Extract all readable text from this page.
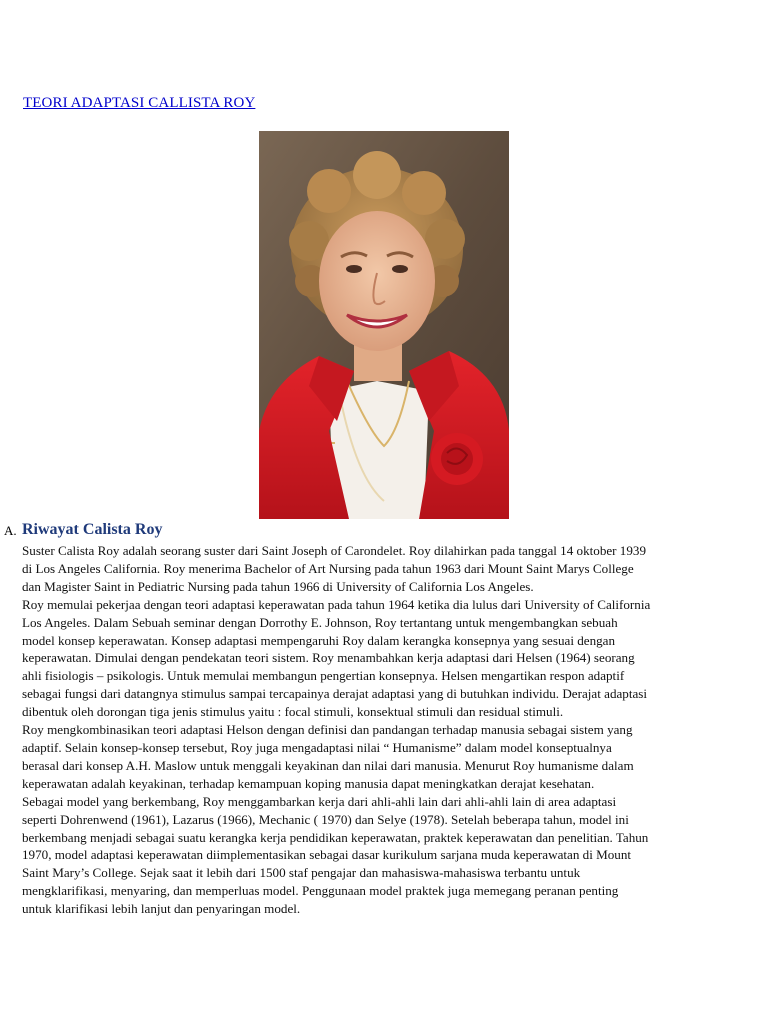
TEORI ADAPTASI CALLISTA ROY
A. Riwayat Calista Roy
Suster Calista Roy adalah seorang suster dari Saint Joseph of Carondelet. Roy dilahirkan pada tanggal 14 oktober 1939
di Los Angeles California. Roy menerima Bachelor of Art Nursing pada tahun 1963 dari Mount Saint Marys College
dan Magister Saint in Pediatric Nursing pada tahun 1966 di University of California Los Angeles.
Roy memulai pekerjaa dengan teori adaptasi keperawatan pada tahun 1964 ketika dia lulus dari University of California
Los Angeles. Dalam Sebuah seminar dengan Dorrothy E. Johnson, Roy tertantang untuk mengembangkan sebuah
model konsep keperawatan. Konsep adaptasi mempengaruhi Roy dalam kerangka konsepnya yang sesuai dengan
keperawatan. Dimulai dengan pendekatan teori sistem. Roy menambahkan kerja adaptasi dari Helsen (1964) seorang
ahli fisiologis – psikologis. Untuk memulai membangun pengertian konsepnya. Helsen mengartikan respon adaptif
sebagai fungsi dari datangnya stimulus sampai tercapainya derajat adaptasi yang di butuhkan individu. Derajat adaptasi
dibentuk oleh dorongan tiga jenis stimulus yaitu : focal stimuli, konsektual stimuli dan residual stimuli.
Roy mengkombinasikan teori adaptasi Helson dengan definisi dan pandangan terhadap manusia sebagai sistem yang
adaptif. Selain konsep-konsep tersebut, Roy juga mengadaptasi nilai “ Humanisme” dalam model konseptualnya
berasal dari konsep A.H. Maslow untuk menggali keyakinan dan nilai dari manusia. Menurut Roy humanisme dalam
keperawatan adalah keyakinan, terhadap kemampuan koping manusia dapat meningkatkan derajat kesehatan.
Sebagai model yang berkembang, Roy menggambarkan kerja dari ahli-ahli lain dari ahli-ahli lain di area adaptasi
seperti Dohrenwend (1961), Lazarus (1966), Mechanic ( 1970) dan Selye (1978). Setelah beberapa tahun, model ini
berkembang menjadi sebagai suatu kerangka kerja pendidikan keperawatan, praktek keperawatan dan penelitian. Tahun
1970, model adaptasi keperawatan diimplementasikan sebagai dasar kurikulum sarjana muda keperawatan di Mount
Saint Mary’s College. Sejak saat it lebih dari 1500 staf pengajar dan mahasiswa-mahasiswa terbantu untuk
mengklarifikasi, menyaring, dan memperluas model. Penggunaan model praktek juga memegang peranan penting
untuk klarifikasi lebih lanjut dan penyaringan model.
